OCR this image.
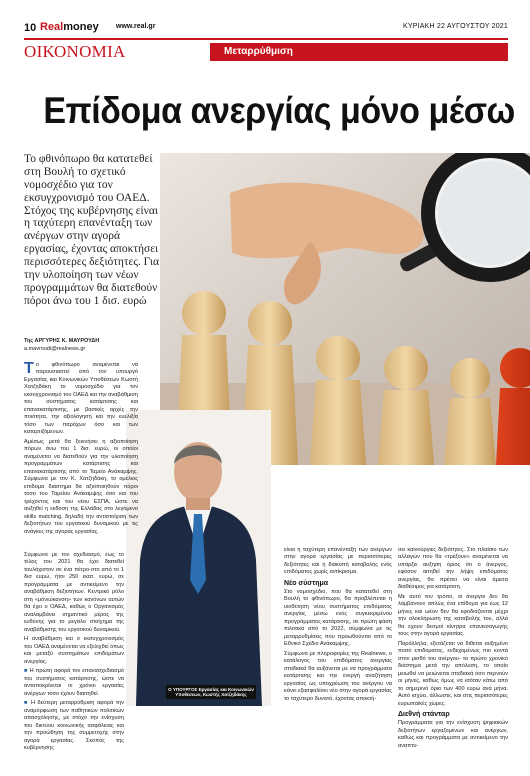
10 Realmoney www.real.gr	ΚΥΡΙΑΚΗ 22 ΑΥΓΟΥΣΤΟΥ 2021
ΟΙΚΟΝΟΜΙΑ	Μεταρρύθμιση
Επίδομα ανεργίας μόνο μέσω
Το φθινόπωρο θα κατατεθεί στη Βουλή το σχετικό νομοσχέδιο για τον εκσυγχρονισμό του ΟΑΕΔ. Στόχος της κυβέρνησης είναι η ταχύτερη επανένταξη των ανέργων στην αγορά εργασίας, έχοντας αποκτήσει περισσότερες δεξιότητες. Για την υλοποίηση των νέων προγραμμάτων θα διατεθούν πόροι άνω του 1 δισ. ευρώ
Της ΑΡΓΥΡΗΣ Κ. ΜΑΥΡΟΥΔΗ
a.mavroudi@realnews.gr
Ο ΥΠΟΥΡΓΟΣ Εργασίας και Κοινωνικών Υποθέσεων, Κωστής Χατζηδάκης

Το φθινόπωρο αναμένεται να παρουσιαστεί από τον υπουργό Εργασίας και Κοινωνικών Υποθέσεων Κωστή Χατζηδάκη το νομοσχέδιο για τον εκσυγχρονισμό του ΟΑΕΔ και την αναβάθμιση του συστήματος κατάρτισης και επανακατάρτισης, με βασικές αρχές την ποιότητα, την αξιολόγηση και την ευελιξία τόσο των παρόχων όσο και των καταρτιζόμενων.

Αμέσως μετά θα ξεκινήσει η αξιοποίηση πόρων άνω του 1 δισ. ευρώ, οι οποίοι αναμένεται να διατεθούν για την υλοποίηση προγραμμάτων κατάρτισης και επανακατάρτισης από το Ταμείο Ανάκαμψης. Σύμφωνα με τον Κ. Χατζηδάκη, το ομέλιος επιδομα διάστημα θα αξιοποιηθούν πόροι τόσο του Ταμείου Ανάκαμψης όσο και του τρέχοντος και του νέου ΕΣΠΑ, ώστε να αυξηθεί η εκδοση της Ελλάδας στο λεγόμενο skills matching, δηλαδή την αντιστοίχιση των δεξιοτήτων του εργατικού δυναμικού με τις ανάγκες της αγοράς εργασίας.

Σύμφωνα με τον σχεδιασμό, έως το τέλος του 2021 θα έχει διατεθεί τουλάχιστον σε ένα πέτρο-στο από το 1 δισ ευρώ, ήτοι 250 εκατ. ευρώ, σε προγράμματα με αντικείμενο την αναβάθμιση δεξιοτήτων. Κεντρικό ρόλο στη «μόνεύκανση» των κανόνων αυτών θα έχει ο ΟΑΕΔ, καθώς ο Οργανισμός αναλαμβάνει σημαντικό μέρος της ευθύνης για το μεγάλο στοίχημα της αναβάθμισης του εργατικού δυναμικού.

Η αναβάθμιση και ο εκσυγχρονισμός του ΟΑΕΔ αναμένεται να εξελιχθεί όπως και μεταξύ συστημάτων επιδομάτων ανεργίας.

■ Η πρώτη αφορά τον επανασχεδιασμό του συστήματος κατάρτισης, ώστε να ανταποκρίνεται οι χρόνοι εργασίες ανέργων τόσο έχουν διαιτηθεί.

■ Η δεύτερη μεταρρύθμιση αφορά την αναμόρφωση των παθητικών πολιτικών απασχόλησης, με στόχο την ενίσχυση του δικτύου κοινωνικής ασφάλειας και την προώθηση της συμμετοχής στην αγορά εργασίας. Σκοπός της κυβέρνησης

είναι η ταχύτερη επανένταξη των ανέργων στην αγορά εργασίας με περισσότερες δεξιότητες και η διακοπή καταβολής ενός επιδόματος χωρίς αντίκρισμα.

Νέο σύστημα

Στο νομοσχέδιο, που θα κατατεθεί στη Βουλή το φθινόπωρο, θα προβλέπεται η υιοθέτηση νέου συστήματος επιδόματος ανεργίας μέσω ενός συγκεκριμένου προγράμματος κατάρτισης, σε πρώτη φάση πιλοτικά από το 2022, σύμφωνα με τις μεταρρυθμίσεις που προωθούνται από το Εθνικό Σχέδιο Ανάκαμψης.

Σύμφωνα με πληροφορίες της Realnews, ο κατάλογος του επιδόματος ανεργίας σταδιακά θα αυξάνεται με να προγράμματα κατάρτισης και την ενεργή αναζήτηση εργασίας ως υποχρέωση του ανέργου να κάνει εξασφαλίσει νέο στην αγορά εργασίας το ταχύτερο δυνατό, έχοντας αποκτή-

σει καινούργιες δεξιότητες. Στο πλαίσιο των αλλαγών που θα «τρέξουν» αναμένεται να υπάρξει αυξηση όριος ότι ο άνεργος, εφόσον αιτηθεί την λήψη επιδόματος ανεργίας, θα πρέπει να είναι άμεσα διαθέσιμος για κατάρτιση.

Με αυτό τον τρόπο, οι άνεργοι δεν θα λαμβάνουν απλώς ένα επίδομα για έως 12 μήνες και ωέον θεν θα εφοδιάζονται μέχρι την ολοκλήρωση της καταβολής του, αλλά θα εχουν δεσμοί κίνητρα επανεισαγωγής τους στην αγορά εργασίας.

Παράλληλα, εξετάζεται να διθεται αυξημένο ποσό επιδόματος, ενδεχομένως πιο κοντά στον μισθό του ανέργου· το πρώτο χρονικό διάστημα μετά την απόλυση, το οποίο μειωθεί να μειώνεται σταδιακά όσο περνούν οι μήνες, καθώς όμως να ισόταν κάτω από το σημερινό όριο των 400 ευρώ ανά μήνα. Αυτό ισχύει, άλλωστε, και στις περισσότερες ευρωπαϊκές χώρες.

Διεθνή στάνταρ

Προγράμματα για την ενίσχυση ψηφιακών δεξιοτήτων εργαζομένων και ανέργων, καθώς και προγράμματα με αντικείμενο την αναπτυ-
